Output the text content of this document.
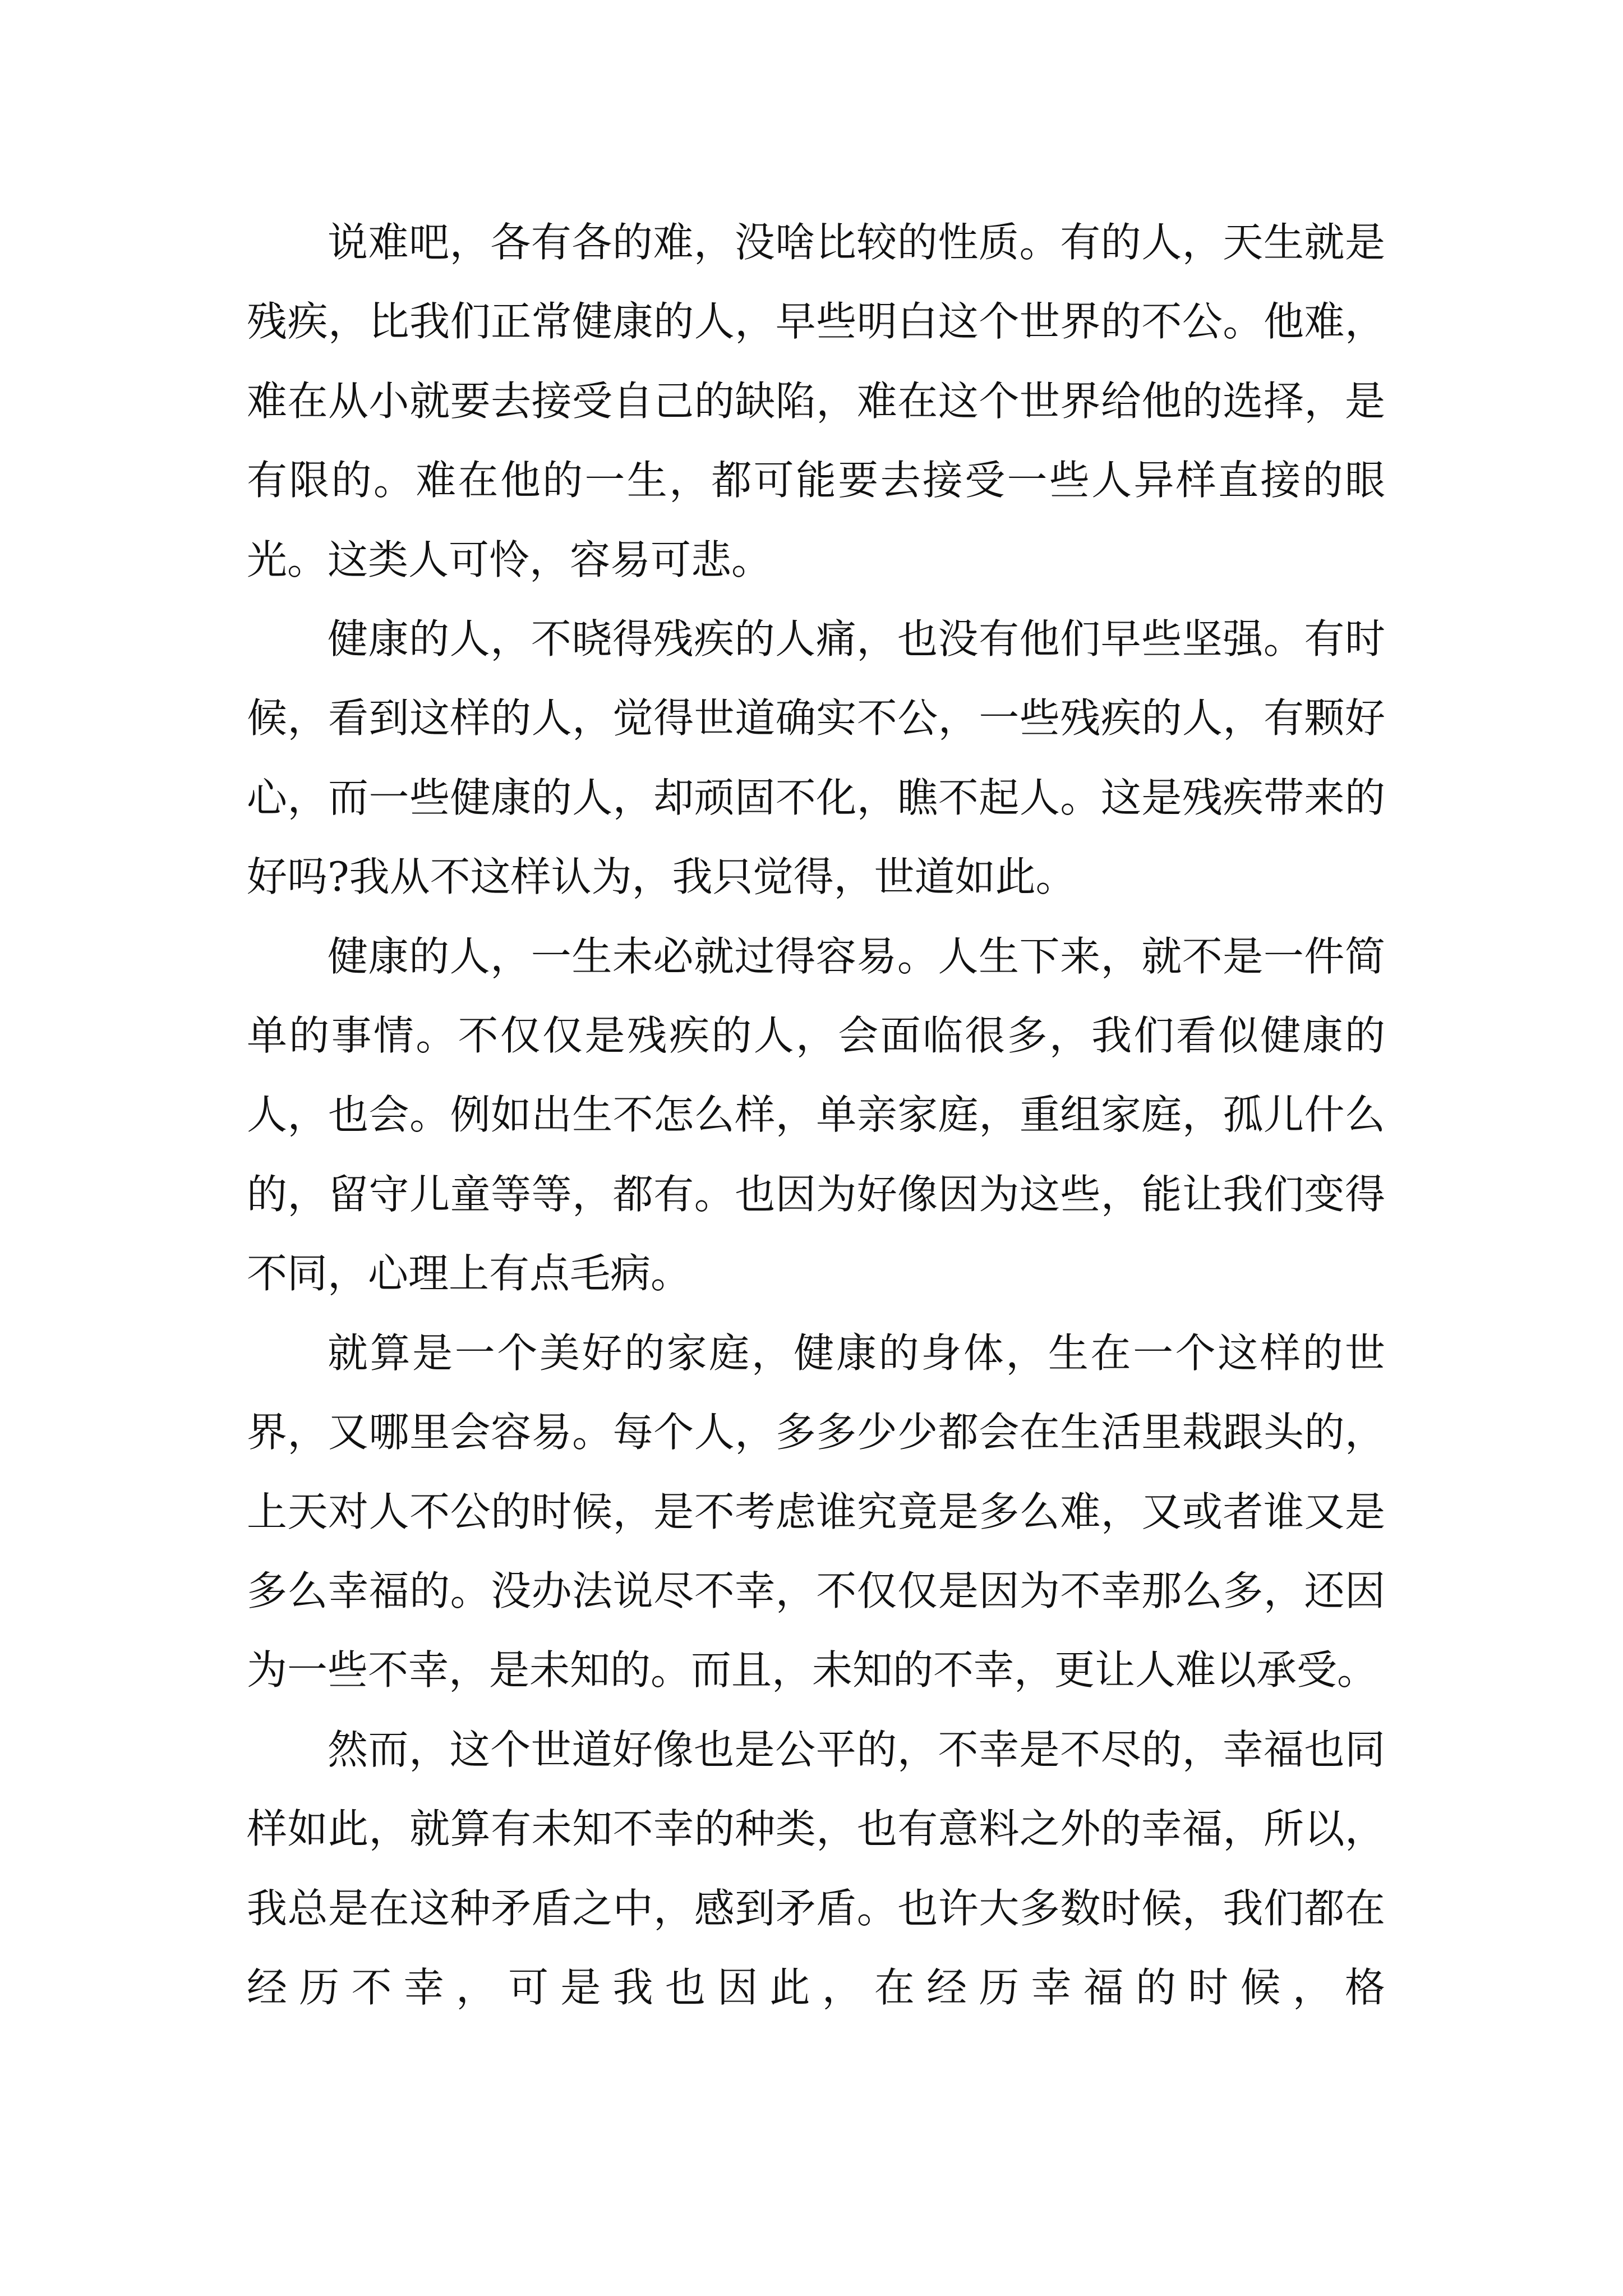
说难吧，各有各的难，没啥比较的性质。有的人，天生就是残疾，比我们正常健康的人，早些明白这个世界的不公。他难，难在从小就要去接受自己的缺陷，难在这个世界给他的选择，是有限的。难在他的一生，都可能要去接受一些人异样直接的眼光。这类人可怜，容易可悲。

健康的人，不晓得残疾的人痛，也没有他们早些坚强。有时候，看到这样的人，觉得世道确实不公，一些残疾的人，有颗好心，而一些健康的人，却顽固不化，瞧不起人。这是残疾带来的好吗?我从不这样认为，我只觉得，世道如此。

健康的人，一生未必就过得容易。人生下来，就不是一件简单的事情。不仅仅是残疾的人，会面临很多，我们看似健康的人，也会。例如出生不怎么样，单亲家庭，重组家庭，孤儿什么的，留守儿童等等，都有。也因为好像因为这些，能让我们变得不同，心理上有点毛病。

就算是一个美好的家庭，健康的身体，生在一个这样的世界，又哪里会容易。每个人，多多少少都会在生活里栽跟头的，上天对人不公的时候，是不考虑谁究竟是多么难，又或者谁又是多么幸福的。没办法说尽不幸，不仅仅是因为不幸那么多，还因为一些不幸，是未知的。而且，未知的不幸，更让人难以承受。

然而，这个世道好像也是公平的，不幸是不尽的，幸福也同样如此，就算有未知不幸的种类，也有意料之外的幸福，所以，我总是在这种矛盾之中，感到矛盾。也许大多数时候，我们都在经历不幸，可是我也因此，在经历幸福的时候，格
